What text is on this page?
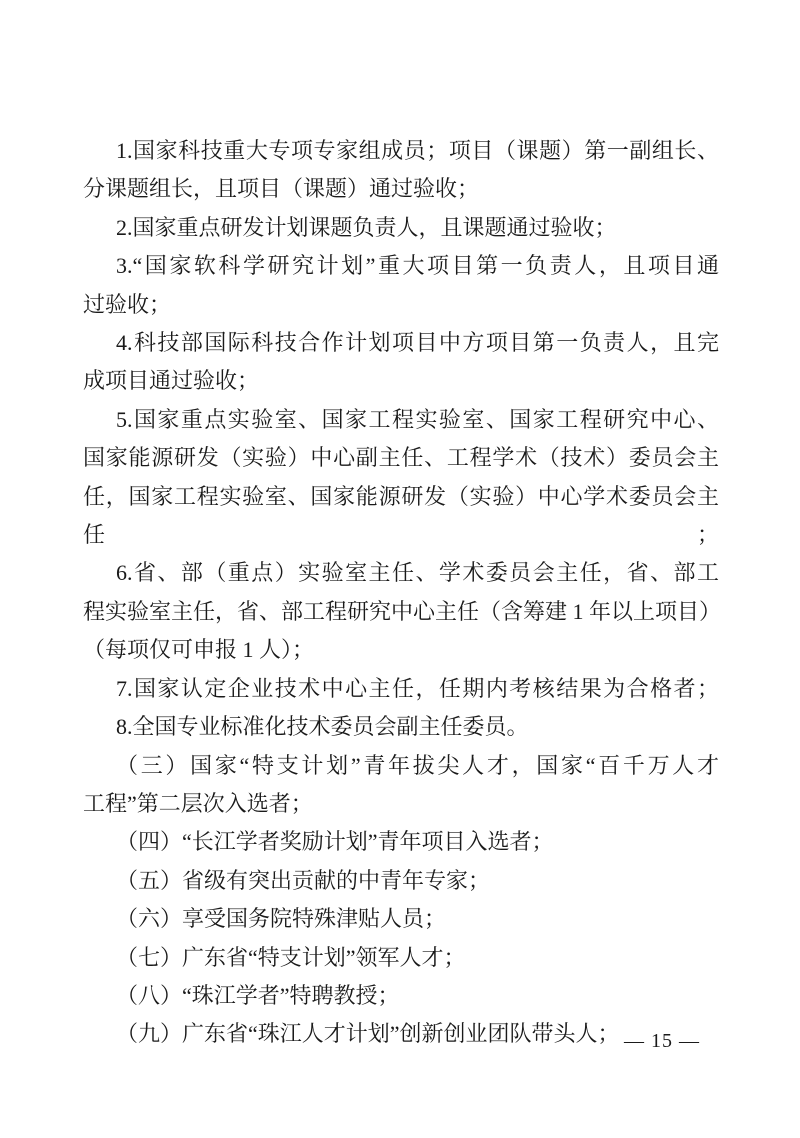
1.国家科技重大专项专家组成员；项目（课题）第一副组长、
分课题组长，且项目（课题）通过验收；
2.国家重点研发计划课题负责人，且课题通过验收；
3.“国家软科学研究计划”重大项目第一负责人，且项目通
过验收；
4.科技部国际科技合作计划项目中方项目第一负责人，且完
成项目通过验收；
5.国家重点实验室、国家工程实验室、国家工程研究中心、
国家能源研发（实验）中心副主任、工程学术（技术）委员会主
任，国家工程实验室、国家能源研发（实验）中心学术委员会主任；
6.省、部（重点）实验室主任、学术委员会主任，省、部工
程实验室主任，省、部工程研究中心主任（含筹建 1 年以上项目）
（每项仅可申报 1 人）；
7.国家认定企业技术中心主任，任期内考核结果为合格者；
8.全国专业标准化技术委员会副主任委员。
（三）国家“特支计划”青年拔尖人才，国家“百千万人才
工程”第二层次入选者；
（四）“长江学者奖励计划”青年项目入选者；
（五）省级有突出贡献的中青年专家；
（六）享受国务院特殊津贴人员；
（七）广东省“特支计划”领军人才；
（八）“珠江学者”特聘教授；
（九）广东省“珠江人才计划”创新创业团队带头人； — 15 —
